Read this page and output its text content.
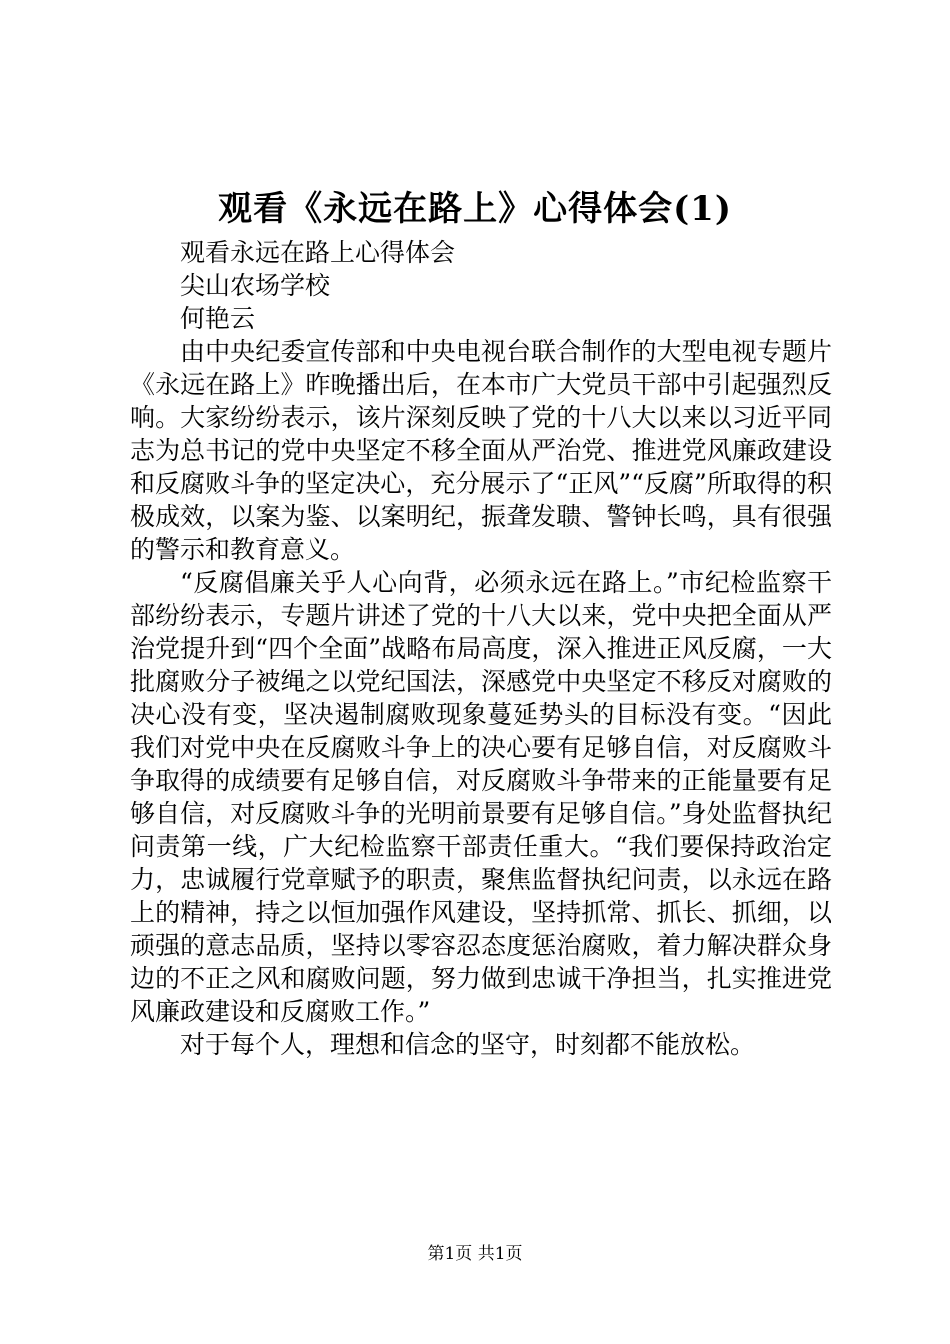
观看《永远在路上》心得体会(1)

观看永远在路上心得体会

尖山农场学校

何艳云

由中央纪委宣传部和中央电视台联合制作的大型电视专题片《永远在路上》昨晚播出后，在本市广大党员干部中引起强烈反响。大家纷纷表示，该片深刻反映了党的十八大以来以习近平同志为总书记的党中央坚定不移全面从严治党、推进党风廉政建设和反腐败斗争的坚定决心，充分展示了“正风”“反腐”所取得的积极成效，以案为鉴、以案明纪，振聋发聩、警钟长鸣，具有很强的警示和教育意义。

“反腐倡廉关乎人心向背，必须永远在路上。”市纪检监察干部纷纷表示，专题片讲述了党的十八大以来，党中央把全面从严治党提升到“四个全面”战略布局高度，深入推进正风反腐，一大批腐败分子被绳之以党纪国法，深感党中央坚定不移反对腐败的决心没有变，坚决遏制腐败现象蔓延势头的目标没有变。“因此我们对党中央在反腐败斗争上的决心要有足够自信，对反腐败斗争取得的成绩要有足够自信，对反腐败斗争带来的正能量要有足够自信，对反腐败斗争的光明前景要有足够自信。”身处监督执纪问责第一线，广大纪检监察干部责任重大。“我们要保持政治定力，忠诚履行党章赋予的职责，聚焦监督执纪问责，以永远在路上的精神，持之以恒加强作风建设，坚持抓常、抓长、抓细，以顽强的意志品质，坚持以零容忍态度惩治腐败，着力解决群众身边的不正之风和腐败问题，努力做到忠诚干净担当，扎实推进党风廉政建设和反腐败工作。”

对于每个人，理想和信念的坚守，时刻都不能放松。

第1页 共1页
